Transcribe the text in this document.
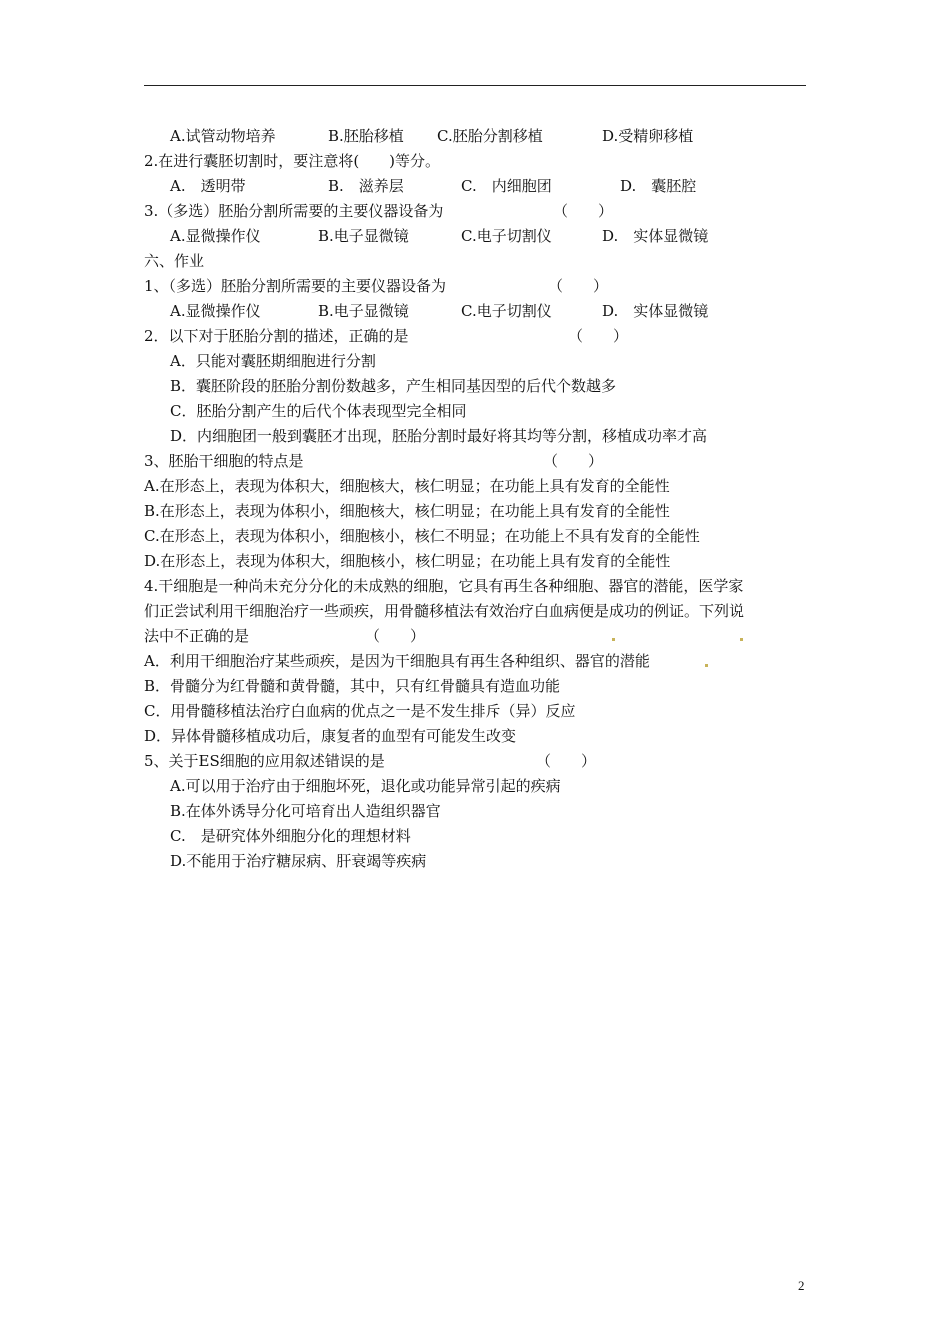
A.试管动物培养	B.胚胎移植 C.胚胎分割移植	D.受精卵移植
2.在进行囊胚切割时，要注意将(　　)等分。
A.　透明带	B.　滋养层	C.　内细胞团	D.　囊胚腔
3.（多选）胚胎分割所需要的主要仪器设备为	（　　）
A.显微操作仪	B.电子显微镜	C.电子切割仪	D.　实体显微镜
六、作业
1、（多选）胚胎分割所需要的主要仪器设备为	（　　）
A.显微操作仪	B.电子显微镜	C.电子切割仪	D.　实体显微镜
2．以下对于胚胎分割的描述，正确的是	（　　）
A．只能对囊胚期细胞进行分割
B．囊胚阶段的胚胎分割份数越多，产生相同基因型的后代个数越多
C．胚胎分割产生的后代个体表现型完全相同
D．内细胞团一般到囊胚才出现，胚胎分割时最好将其均等分割，移植成功率才高
3、胚胎干细胞的特点是	（　　）
A.在形态上，表现为体积大，细胞核大，核仁明显；在功能上具有发育的全能性
B.在形态上，表现为体积小，细胞核大，核仁明显；在功能上具有发育的全能性
C.在形态上，表现为体积小，细胞核小，核仁不明显；在功能上不具有发育的全能性
D.在形态上，表现为体积大，细胞核小，核仁明显；在功能上具有发育的全能性
4.干细胞是一种尚未充分分化的未成熟的细胞，它具有再生各种细胞、器官的潜能，医学家
们正尝试利用干细胞治疗一些顽疾，用骨髓移植法有效治疗白血病便是成功的例证。下列说
法中不正确的是	（　　）
A．利用干细胞治疗某些顽疾，是因为干细胞具有再生各种组织、器官的潜能
B．骨髓分为红骨髓和黄骨髓，其中，只有红骨髓具有造血功能
C．用骨髓移植法治疗白血病的优点之一是不发生排斥（异）反应
D．异体骨髓移植成功后，康复者的血型有可能发生改变
5、关于ES细胞的应用叙述错误的是	（　　）
A.可以用于治疗由于细胞坏死，退化或功能异常引起的疾病
B.在体外诱导分化可培育出人造组织器官
C.　是研究体外细胞分化的理想材料
D.不能用于治疗糖尿病、肝衰竭等疾病
2
